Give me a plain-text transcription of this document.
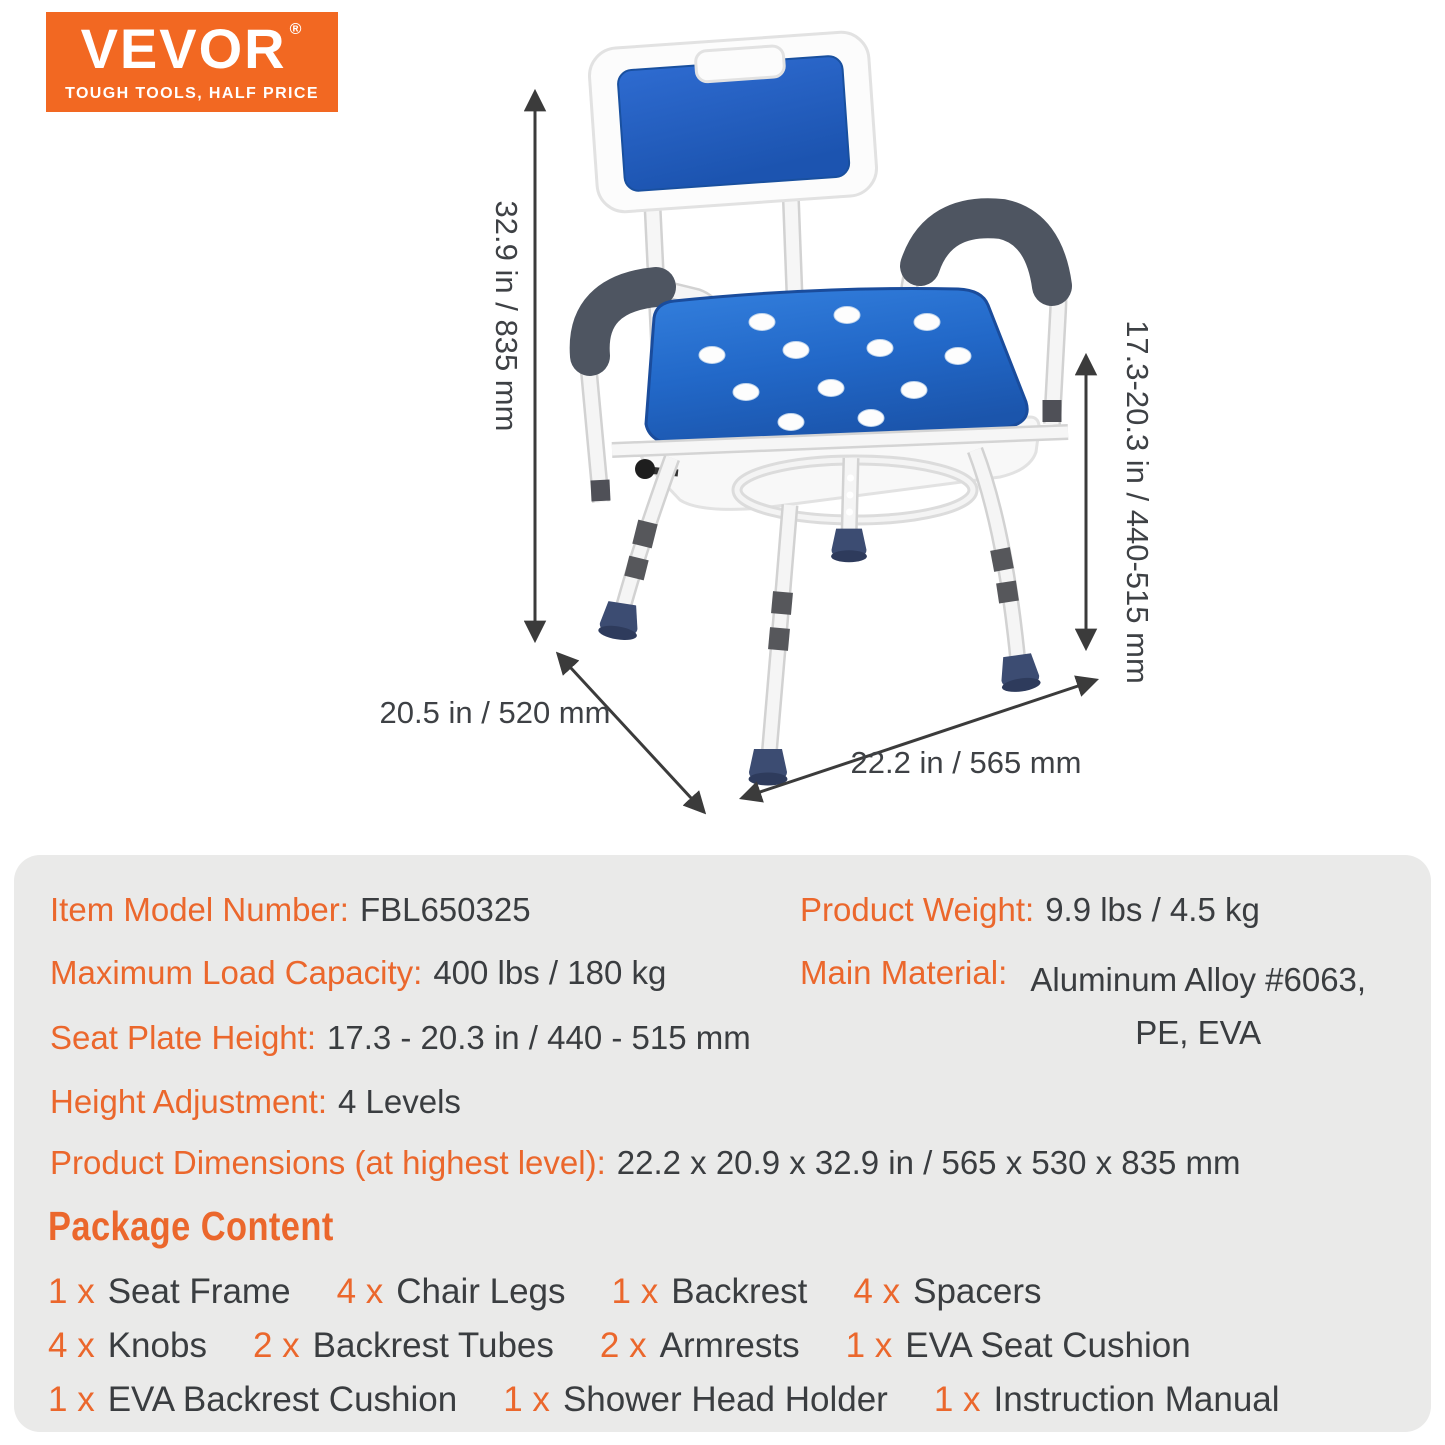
VEVOR ®
TOUGH TOOLS, HALF PRICE
32.9 in / 835 mm
17.3-20.3 in / 440-515 mm
20.5 in / 520 mm
22.2 in / 565 mm
Item Model Number: FBL650325
Maximum Load Capacity: 400 lbs / 180 kg
Seat Plate Height: 17.3 - 20.3 in / 440 - 515 mm
Height Adjustment: 4 Levels
Product Dimensions (at highest level): 22.2 x 20.9 x 32.9 in / 565 x 530 x 835 mm
Product Weight: 9.9 lbs / 4.5 kg
Main Material: Aluminum Alloy #6063, PE, EVA
Package Content
1 x Seat Frame 4 x Chair Legs 1 x Backrest 4 x Spacers
4 x Knobs 2 x Backrest Tubes 2 x Armrests 1 x EVA Seat Cushion
1 x EVA Backrest Cushion 1 x Shower Head Holder 1 x Instruction Manual
